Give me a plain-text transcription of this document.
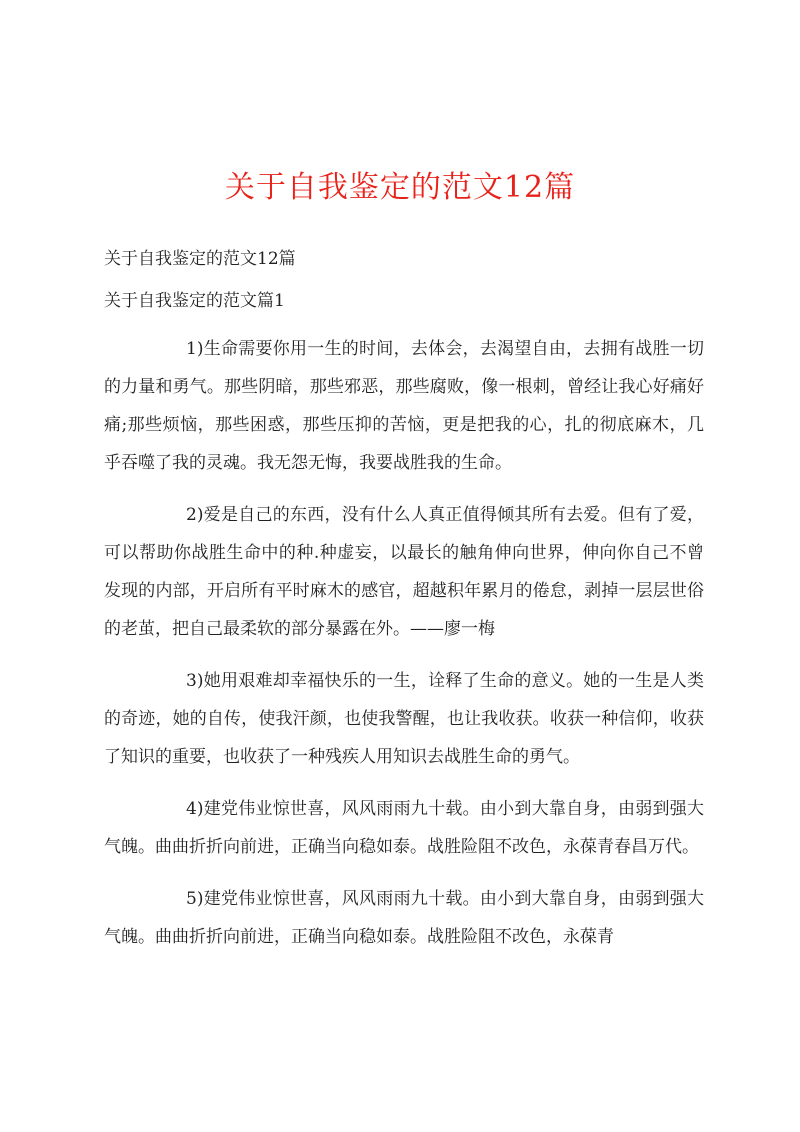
关于自我鉴定的范文12篇

关于自我鉴定的范文12篇

关于自我鉴定的范文篇1

1)生命需要你用一生的时间，去体会，去渴望自由，去拥有战胜一切的力量和勇气。那些阴暗，那些邪恶，那些腐败，像一根刺，曾经让我心好痛好痛;那些烦恼，那些困惑，那些压抑的苦恼，更是把我的心，扎的彻底麻木，几乎吞噬了我的灵魂。我无怨无悔，我要战胜我的生命。

2)爱是自己的东西，没有什么人真正值得倾其所有去爱。但有了爱，可以帮助你战胜生命中的种.种虚妄，以最长的触角伸向世界，伸向你自己不曾发现的内部，开启所有平时麻木的感官，超越积年累月的倦怠，剥掉一层层世俗的老茧，把自己最柔软的部分暴露在外。——廖一梅

3)她用艰难却幸福快乐的一生，诠释了生命的意义。她的一生是人类的奇迹，她的自传，使我汗颜，也使我警醒，也让我收获。收获一种信仰，收获了知识的重要，也收获了一种残疾人用知识去战胜生命的勇气。

4)建党伟业惊世喜，风风雨雨九十载。由小到大靠自身，由弱到强大气魄。曲曲折折向前进，正确当向稳如泰。战胜险阻不改色，永葆青春昌万代。

5)建党伟业惊世喜，风风雨雨九十载。由小到大靠自身，由弱到强大气魄。曲曲折折向前进，正确当向稳如泰。战胜险阻不改色，永葆青
